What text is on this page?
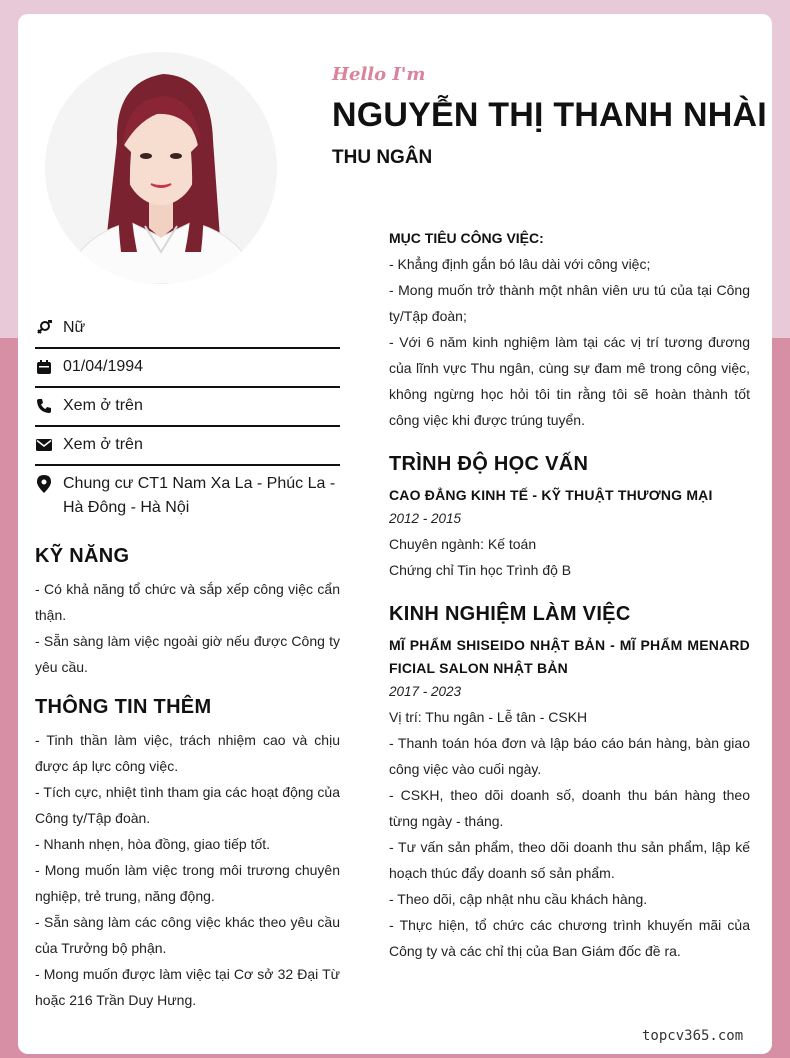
Hello I'm
NGUYỄN THỊ THANH NHÀI
THU NGÂN
Nữ
01/04/1994
Xem ở trên
Xem ở trên
Chung cư CT1 Nam Xa La - Phúc La - Hà Đông - Hà Nội
KỸ NĂNG

- Có khả năng tổ chức và sắp xếp công việc cẩn thận.

- Sẵn sàng làm việc ngoài giờ nếu được Công ty yêu cầu.

THÔNG TIN THÊM

- Tinh thần làm việc, trách nhiệm cao và chịu được áp lực công việc.

- Tích cực, nhiệt tình tham gia các hoạt động của Công ty/Tập đoàn.

- Nhanh nhẹn, hòa đồng, giao tiếp tốt.

- Mong muốn làm việc trong môi trương chuyên nghiệp, trẻ trung, năng động.

- Sẵn sàng làm các công việc khác theo yêu cầu của Trưởng bộ phận.

- Mong muốn được làm việc tại Cơ sở 32 Đại Từ hoặc 216 Trần Duy Hưng.

MỤC TIÊU CÔNG VIỆC:

- Khẳng định gắn bó lâu dài với công việc;

- Mong muốn trở thành một nhân viên ưu tú của tại Công ty/Tập đoàn;

- Với 6 năm kinh nghiệm làm tại các vị trí tương đương của lĩnh vực Thu ngân, cùng sự đam mê trong công việc, không ngừng học hỏi tôi tin rằng tôi sẽ hoàn thành tốt công việc khi được trúng tuyển.

TRÌNH ĐỘ HỌC VẤN

CAO ĐẲNG KINH TẾ - KỸ THUẬT THƯƠNG MẠI

2012 - 2015

Chuyên ngành: Kế toán

Chứng chỉ Tin học Trình độ B

KINH NGHIỆM LÀM VIỆC

MĨ PHẨM SHISEIDO NHẬT BẢN - MĨ PHẨM MENARD FICIAL SALON NHẬT BẢN

2017 - 2023

Vị trí: Thu ngân - Lễ tân - CSKH

- Thanh toán hóa đơn và lập báo cáo bán hàng, bàn giao công việc vào cuối ngày.

- CSKH, theo dõi doanh số, doanh thu bán hàng theo từng ngày - tháng.

- Tư vấn sản phẩm, theo dõi doanh thu sản phẩm, lập kế hoạch thúc đẩy doanh số sản phẩm.

- Theo dõi, cập nhật nhu cầu khách hàng.

- Thực hiện, tổ chức các chương trình khuyến mãi của Công ty và các chỉ thị của Ban Giám đốc đề ra.

topcv365.com
